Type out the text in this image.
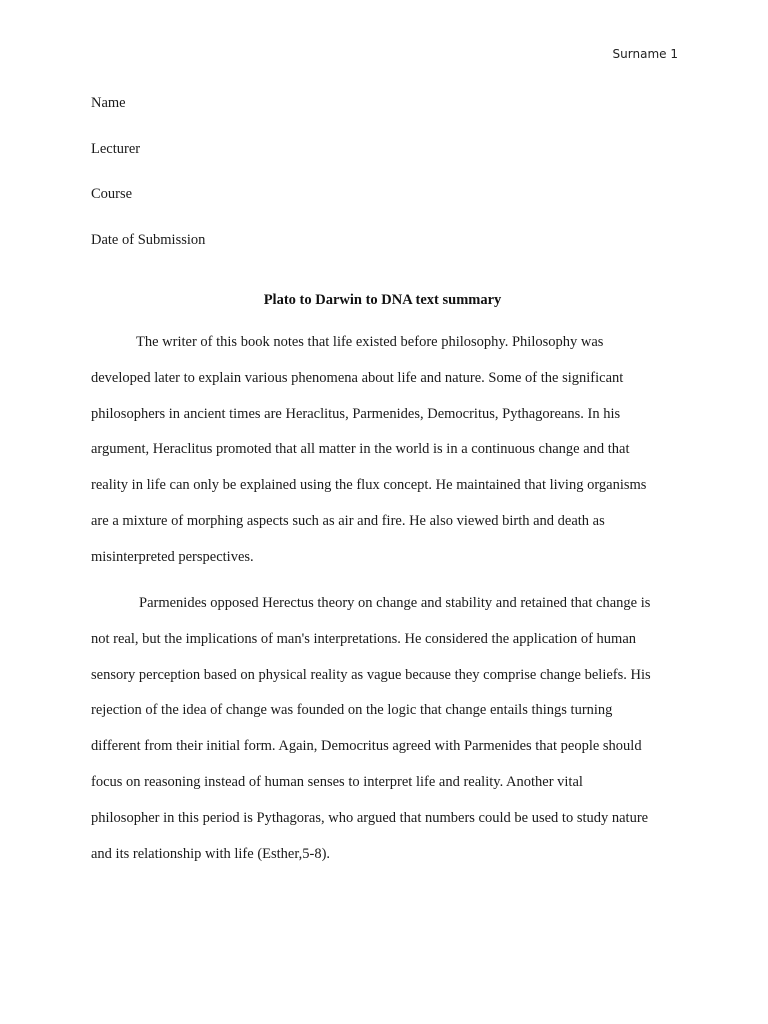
Surname 1
Name
Lecturer
Course
Date of Submission
Plato to Darwin to DNA text summary
The writer of this book notes that life existed before philosophy. Philosophy was
developed later to explain various phenomena about life and nature. Some of the significant
philosophers in ancient times are Heraclitus, Parmenides, Democritus, Pythagoreans. In his
argument, Heraclitus promoted that all matter in the world is in a continuous change and that
reality in life can only be explained using the flux concept. He maintained that living organisms
are a mixture of morphing aspects such as air and fire. He also viewed birth and death as
misinterpreted perspectives.
Parmenides opposed Herectus theory on change and stability and retained that change is
not real, but the implications of man's interpretations. He considered the application of human
sensory perception based on physical reality as vague because they comprise change beliefs. His
rejection of the idea of change was founded on the logic that change entails things turning
different from their initial form. Again, Democritus agreed with Parmenides that people should
focus on reasoning instead of human senses to interpret life and reality. Another vital
philosopher in this period is Pythagoras, who argued that numbers could be used to study nature
and its relationship with life (Esther,5-8).
